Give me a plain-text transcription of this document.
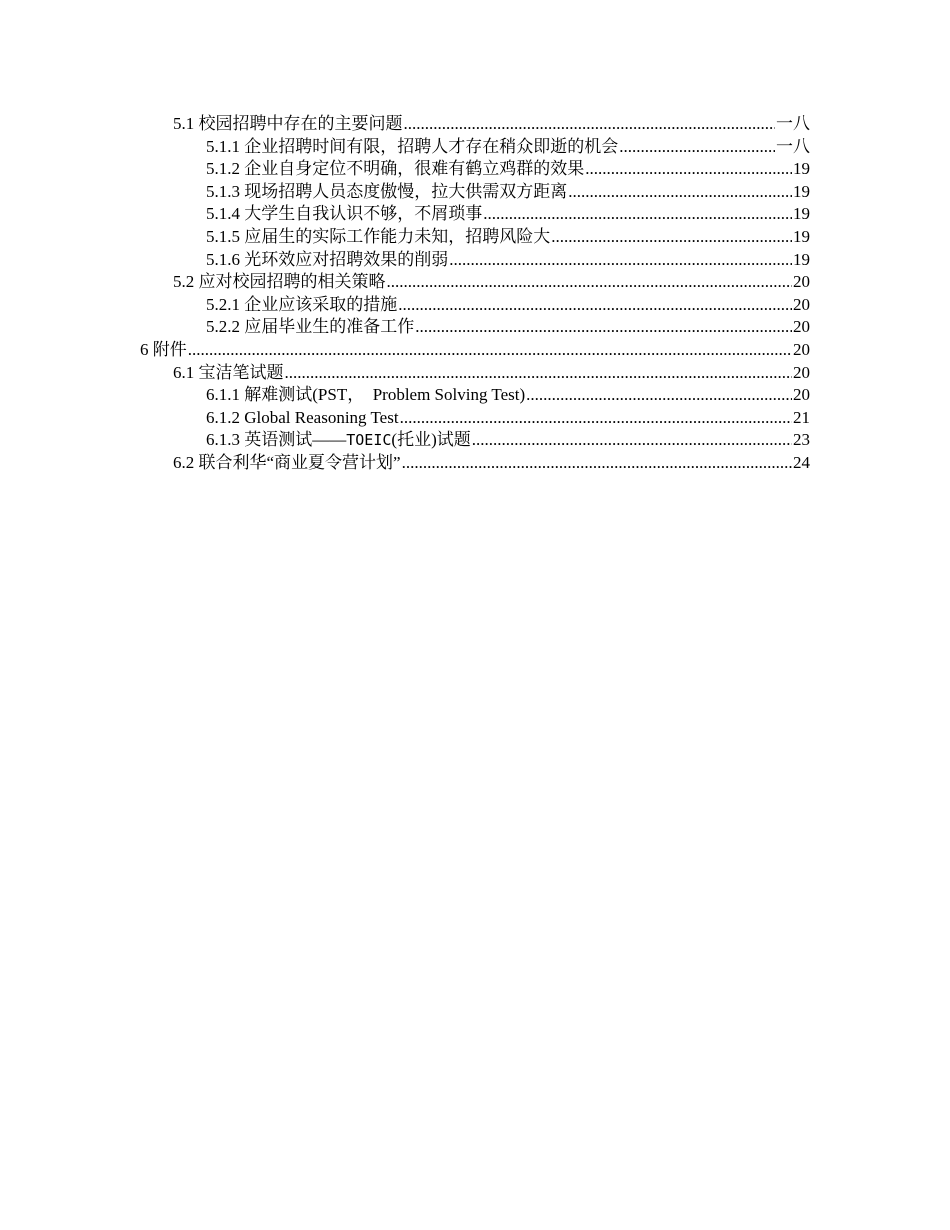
5.1 校园招聘中存在的主要问题 .....	一八
5.1.1 企业招聘时间有限，招聘人才存在稍众即逝的机会 .....	一八
5.1.2 企业自身定位不明确，很难有鹤立鸡群的效果 .....	19
5.1.3 现场招聘人员态度傲慢，拉大供需双方距离 .....	19
5.1.4 大学生自我认识不够，不屑琐事 .....	19
5.1.5 应届生的实际工作能力未知，招聘风险大 .....	19
5.1.6 光环效应对招聘效果的削弱 .....	19
5.2 应对校园招聘的相关策略 .....	20
5.2.1 企业应该采取的措施 .....	20
5.2.2 应届毕业生的准备工作 .....	20
6 附件 .....	20
6.1 宝洁笔试题 .....	20
6.1.1 解难测试(PST，  Problem Solving Test) .....	20
6.1.2 Global Reasoning Test .....	21
6.1.3 英语测试——TOEIC(托业)试题 .....	23
6.2 联合利华“商业夏令营计划” .....	24
